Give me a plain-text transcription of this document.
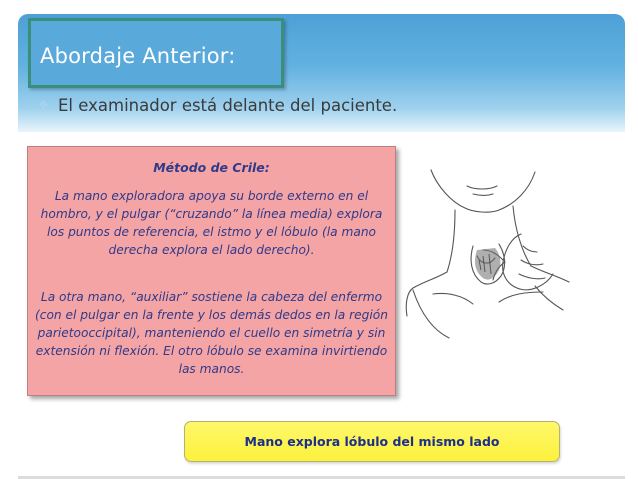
Abordaje Anterior:
❖ El examinador está delante del paciente.
Método de Crile:
La mano exploradora apoya su borde externo en el hombro, y el pulgar (“cruzando” la línea media) explora los puntos de referencia, el istmo y el lóbulo (la mano derecha explora el lado derecho).
La otra mano, “auxiliar” sostiene la cabeza del enfermo (con el pulgar en la frente y los demás dedos en la región parietooccipital), manteniendo el cuello en simetría y sin extensión ni flexión. El otro lóbulo se examina invirtiendo las manos.
Mano explora lóbulo del mismo lado
